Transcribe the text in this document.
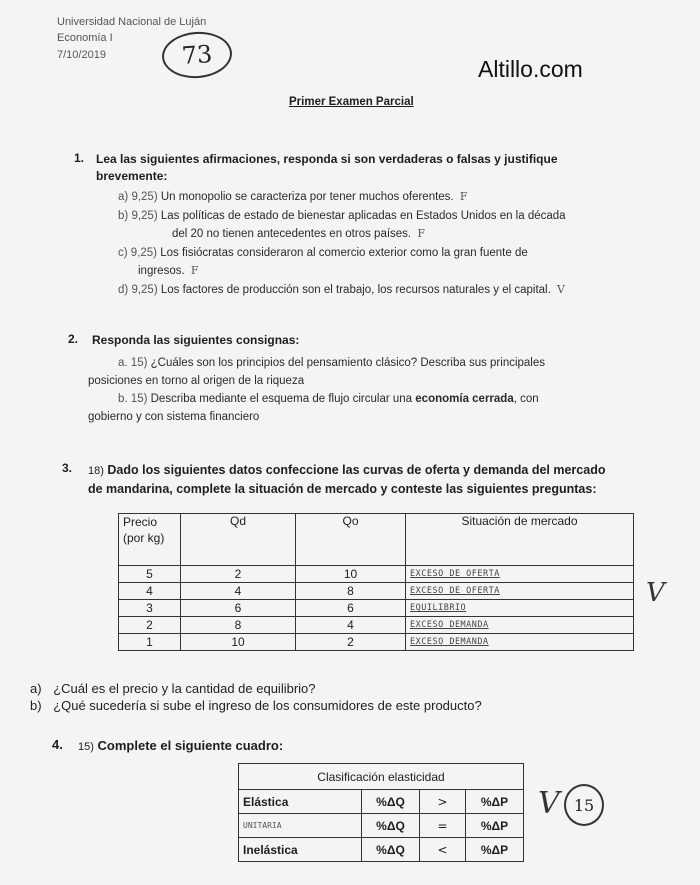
Universidad Nacional de Luján
Economía I
7/10/2019	73	Altillo.com
Primer Examen Parcial
1. Lea las siguientes afirmaciones, responda si son verdaderas o falsas y justifique
brevemente:
a) 9,25) Un monopolio se caracteriza por tener muchos oferentes. F
b) 9,25) Las políticas de estado de bienestar aplicadas en Estados Unidos en la década
del 20 no tienen antecedentes en otros países. F
c) 9,25) Los fisiócratas consideraron al comercio exterior como la gran fuente de
ingresos. F
d) 9,25) Los factores de producción son el trabajo, los recursos naturales y el capital. V
2. Responda las siguientes consignas:
a. 15) ¿Cuáles son los principios del pensamiento clásico? Describa sus principales
posiciones en torno al origen de la riqueza
b. 15) Describa mediante el esquema de flujo circular una economía cerrada, con
gobierno y con sistema financiero
3. 18) Dado los siguientes datos confeccione las curvas de oferta y demanda del mercado
de mandarina, complete la situación de mercado y conteste las siguientes preguntas:
Precio (por kg)	Qd	Qo	Situación de mercado
5	2	10	EXCESO DE OFERTA
4	4	8	EXCESO DE OFERTA
3	6	6	EQUILIBRIO
2	8	4	EXCESO DEMANDA
1	10	2	EXCESO DEMANDA
V
a) ¿Cuál es el precio y la cantidad de equilibrio?
b) ¿Qué sucedería si sube el ingreso de los consumidores de este producto?
4. 15) Complete el siguiente cuadro:
Clasificación elasticidad			
Elástica	%ΔQ	>	%ΔP
UNITARIA	%ΔQ	=	%ΔP
Inelástica	%ΔQ	<	%ΔP
V 15
